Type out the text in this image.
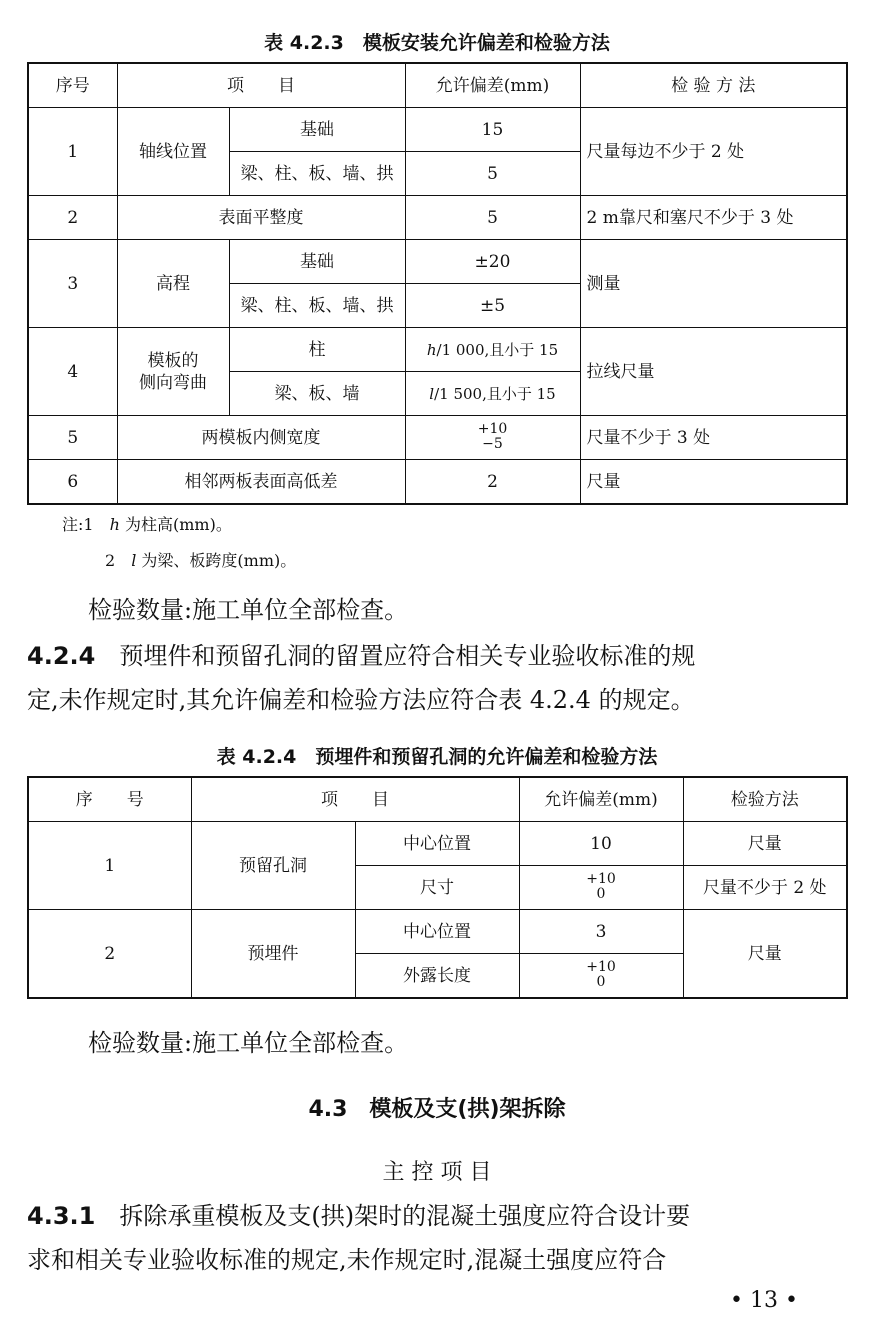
表 4.2.3　模板安装允许偏差和检验方法
序号	项　　目		允许偏差(mm)	检 验 方 法
1	轴线位置	基础	15	尺量每边不少于 2 处
		梁、柱、板、墙、拱	5	
2	表面平整度		5	2 m靠尺和塞尺不少于 3 处
3	高程	基础	±20	测量
		梁、柱、板、墙、拱	±5	
4	模板的
侧向弯曲	柱	h/1 000,且小于 15	拉线尺量
		梁、板、墙	l/1 500,且小于 15	
5	两模板内侧宽度		+10
−5	尺量不少于 3 处
6	相邻两板表面高低差		2	尺量
注:1　 h 为柱高(mm)。
2　 l 为梁、板跨度(mm)。
检验数量:施工单位全部检查。
4.2.4　预埋件和预留孔洞的留置应符合相关专业验收标准的规
定,未作规定时,其允许偏差和检验方法应符合表 4.2.4 的规定。
表 4.2.4　预埋件和预留孔洞的允许偏差和检验方法
序　　号	项　　目		允许偏差(mm)	检验方法
1	预留孔洞	中心位置	10	尺量
		尺寸	+10
0	尺量不少于 2 处
2	预埋件	中心位置	3	尺量
		外露长度	+10
0	
检验数量:施工单位全部检查。
4.3　模板及支(拱)架拆除
主 控 项 目
4.3.1　拆除承重模板及支(拱)架时的混凝土强度应符合设计要
求和相关专业验收标准的规定,未作规定时,混凝土强度应符合
• 13 •
